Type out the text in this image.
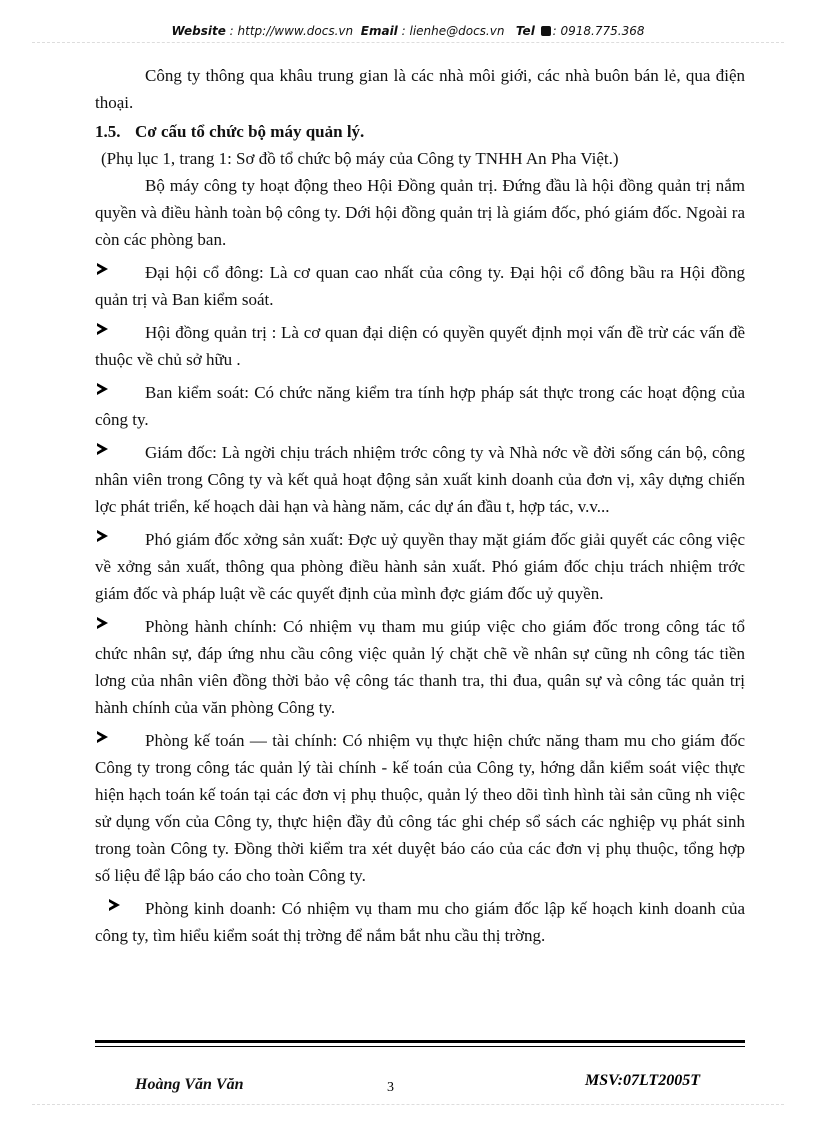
Website : http://www.docs.vn Email : lienhe@docs.vn Tel : 0918.775.368

Công ty thông qua khâu trung gian là các nhà môi giới, các nhà buôn bán lẻ, qua điện thoại.

1.5. Cơ cấu tổ chức bộ máy quản lý.

(Phụ lục 1, trang 1: Sơ đồ tổ chức bộ máy của Công ty TNHH An Pha Việt.)

Bộ máy công ty hoạt động theo Hội Đồng quản trị. Đứng đầu là hội đồng quản trị nắm quyền và điều hành toàn bộ công ty. Dới hội đồng quản trị là giám đốc, phó giám đốc. Ngoài ra còn các phòng ban.

Đại hội cổ đông: Là cơ quan cao nhất của công ty. Đại hội cổ đông bầu ra Hội đồng quản trị và Ban kiểm soát.

Hội đồng quản trị : Là cơ quan đại diện có quyền quyết định mọi vấn đề trừ các vấn đề thuộc về chủ sở hữu .

Ban kiểm soát: Có chức năng kiểm tra tính hợp pháp sát thực trong các hoạt động của công ty.

Giám đốc: Là ngời chịu trách nhiệm trớc công ty và Nhà nớc về đời sống cán bộ, công nhân viên trong Công ty và kết quả hoạt động sản xuất kinh doanh của đơn vị, xây dựng chiến lợc phát triển, kế hoạch dài hạn và hàng năm, các dự án đầu t, hợp tác, v.v...

Phó giám đốc xởng sản xuất: Đợc uỷ quyền thay mặt giám đốc giải quyết các công việc về xởng sản xuất, thông qua phòng điều hành sản xuất. Phó giám đốc chịu trách nhiệm trớc giám đốc và pháp luật về các quyết định của mình đợc giám đốc uỷ quyền.

Phòng hành chính: Có nhiệm vụ tham mu giúp việc cho giám đốc trong công tác tổ chức nhân sự, đáp ứng nhu cầu công việc quản lý chặt chẽ về nhân sự cũng nh công tác tiền lơng của nhân viên đồng thời bảo vệ công tác thanh tra, thi đua, quân sự và công tác quản trị hành chính của văn phòng Công ty.

Phòng kế toán — tài chính: Có nhiệm vụ thực hiện chức năng tham mu cho giám đốc Công ty trong công tác quản lý tài chính - kế toán của Công ty, hớng dẫn kiểm soát việc thực hiện hạch toán kế toán tại các đơn vị phụ thuộc, quản lý theo dõi tình hình tài sản cũng nh việc sử dụng vốn của Công ty, thực hiện đầy đủ công tác ghi chép sổ sách các nghiệp vụ phát sinh trong toàn Công ty. Đồng thời kiểm tra xét duyệt báo cáo của các đơn vị phụ thuộc, tổng hợp số liệu để lập báo cáo cho toàn Công ty.

Phòng kinh doanh: Có nhiệm vụ tham mu cho giám đốc lập kế hoạch kinh doanh của công ty, tìm hiểu kiểm soát thị trờng để nắm bắt nhu cầu thị trờng.

Hoàng Văn Văn	3	MSV:07LT2005T
